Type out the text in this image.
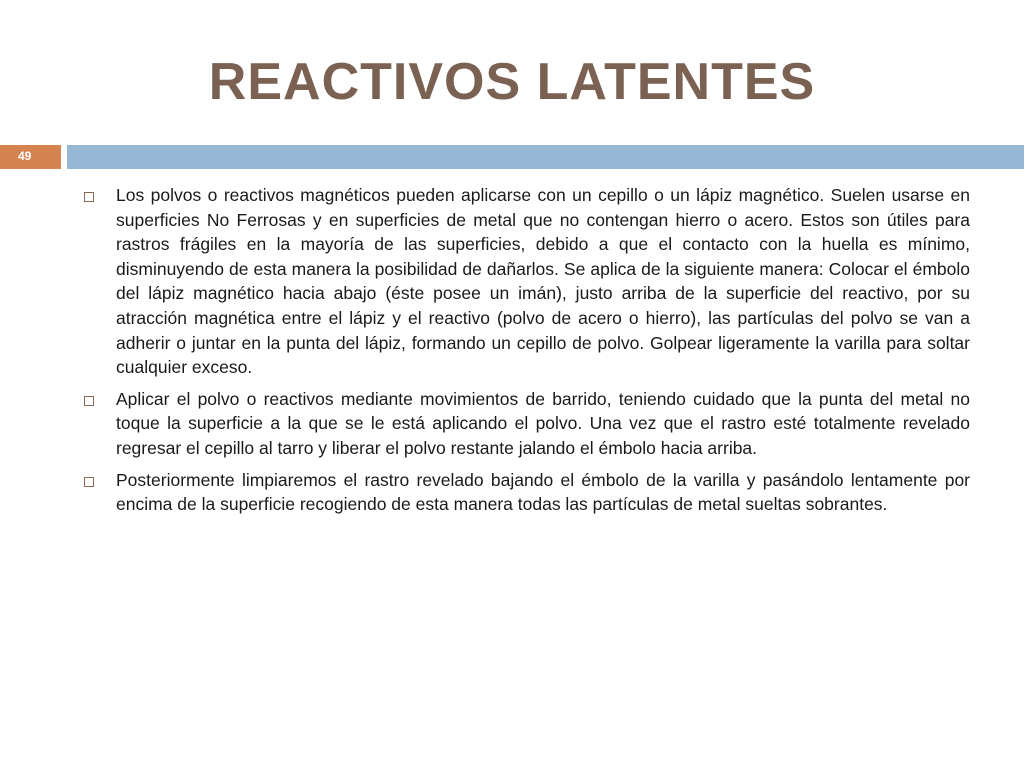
REACTIVOS LATENTES
49
Los polvos o reactivos magnéticos pueden aplicarse con un cepillo o un lápiz magnético. Suelen usarse en superficies No Ferrosas y en superficies de metal que no contengan hierro o acero. Estos son útiles para rastros frágiles en la mayoría de las superficies, debido a que el contacto con la huella es mínimo, disminuyendo de esta manera la posibilidad de dañarlos. Se aplica de la siguiente manera: Colocar el émbolo del lápiz magnético hacia abajo (éste posee un imán), justo arriba de la superficie del reactivo, por su atracción magnética entre el lápiz y el reactivo (polvo de acero o hierro), las partículas del polvo se van a adherir o juntar en la punta del lápiz, formando un cepillo de polvo. Golpear ligeramente la varilla para soltar cualquier exceso.
Aplicar el polvo o reactivos mediante movimientos de barrido, teniendo cuidado que la punta del metal no toque la superficie a la que se le está aplicando el polvo. Una vez que el rastro esté totalmente revelado regresar el cepillo al tarro y liberar el polvo restante jalando el émbolo hacia arriba.
Posteriormente limpiaremos el rastro revelado bajando el émbolo de la varilla y pasándolo lentamente por encima de la superficie recogiendo de esta manera todas las partículas de metal sueltas sobrantes.
